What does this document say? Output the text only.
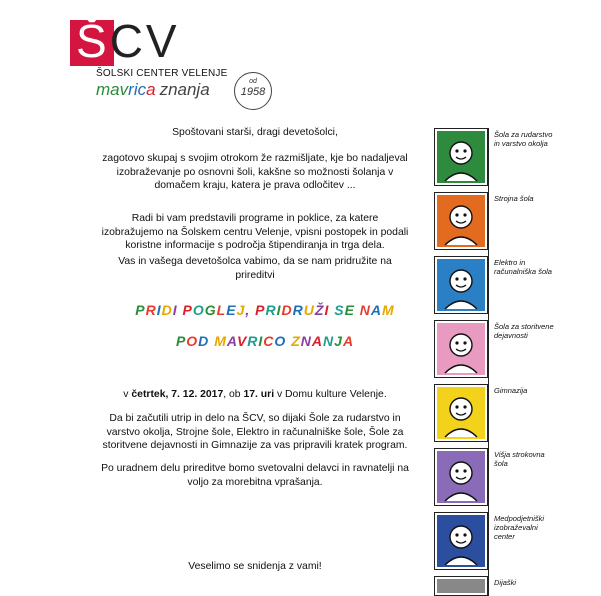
ŠCV
ŠOLSKI CENTER VELENJE
mavrica znanja	od
1958
Spoštovani starši, dragi devetošolci,
zagotovo skupaj s svojim otrokom že razmišljate, kje bo nadaljeval izobraževanje po osnovni šoli, kakšne so možnosti šolanja v domačem kraju, katera je prava odločitev ...
Radi bi vam predstavili programe in poklice, za katere izobražujemo na Šolskem centru Velenje, vpisni postopek in podali koristne informacije s področja štipendiranja in trga dela.
Vas in vašega devetošolca vabimo, da se nam pridružite na prireditvi
PRIDI POGLEJ, PRIDRUŽI SE NAM
POD MAVRICO ZNANJA
v četrtek, 7. 12. 2017, ob 17. uri v Domu kulture Velenje.
Da bi začutili utrip in delo na ŠCV, so dijaki Šole za rudarstvo in varstvo okolja, Strojne šole, Elektro in računalniške šole, Šole za storitvene dejavnosti in Gimnazije za vas pripravili kratek program.
Po uradnem delu prireditve bomo svetovalni delavci in ravnatelji na voljo za morebitna vprašanja.
Veselimo se snidenja z vami!
Šola za rudarstvo in varstvo okolja
Strojna šola
Elektro in računalniška šola
Šola za storitvene dejavnosti
Gimnazija
Višja strokovna šola
Medpodjetniški izobraževalni center
Dijaški
